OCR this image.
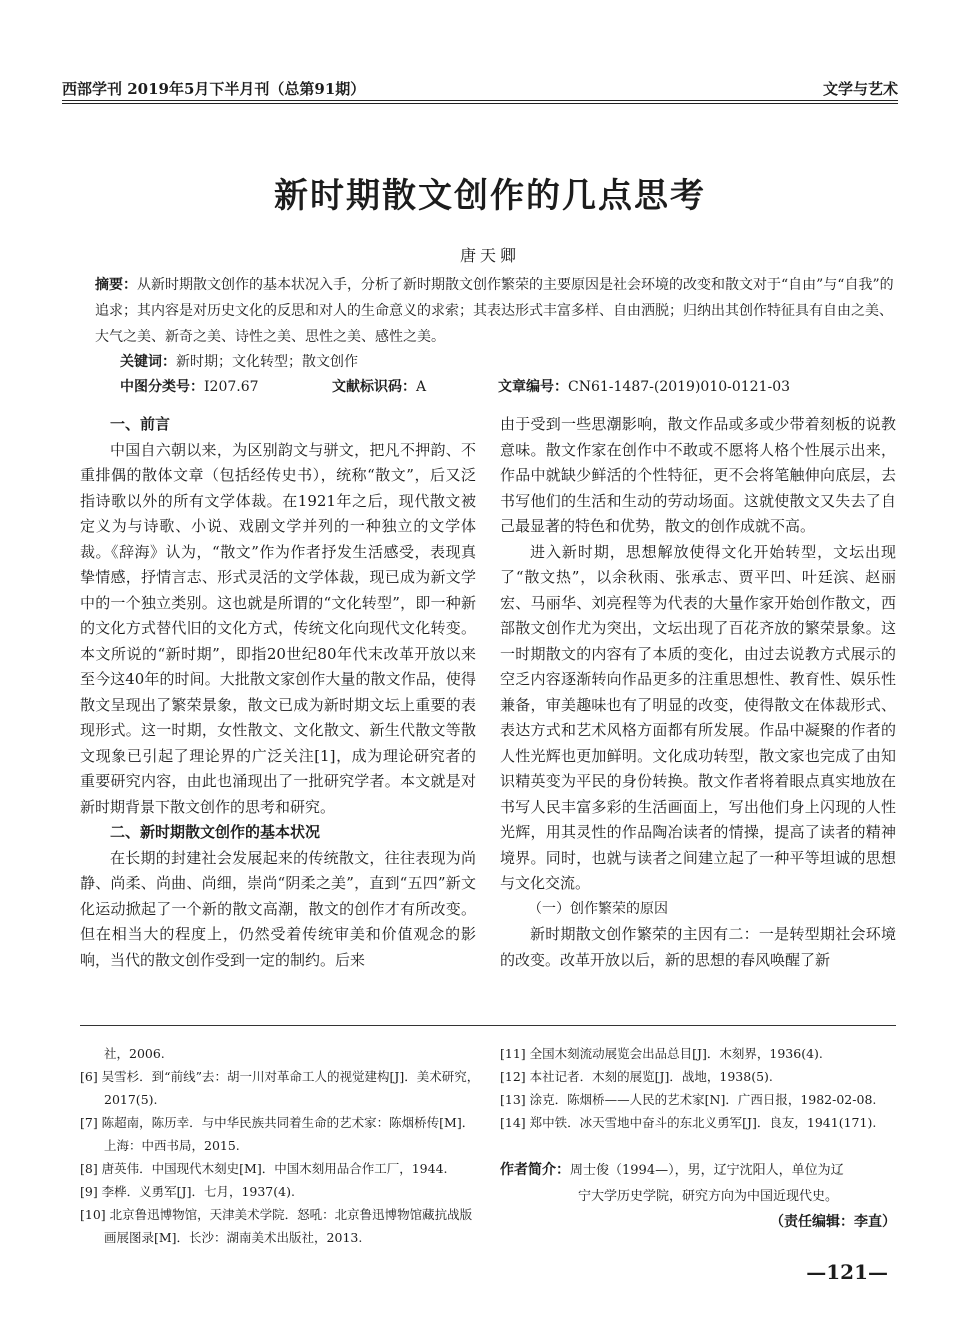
西部学刊 2019年5月下半月刊（总第91期）	文学与艺术
新时期散文创作的几点思考
唐天卿
摘要：从新时期散文创作的基本状况入手，分析了新时期散文创作繁荣的主要原因是社会环境的改变和散文对于“自由”与“自我”的追求；其内容是对历史文化的反思和对人的生命意义的求索；其表达形式丰富多样、自由洒脱；归纳出其创作特征具有自由之美、大气之美、新奇之美、诗性之美、思性之美、感性之美。
关键词：新时期；文化转型；散文创作
中图分类号：I207.67	文献标识码：A	文章编号：CN61-1487-(2019)010-0121-03
一、前言

中国自六朝以来，为区别韵文与骈文，把凡不押韵、不重排偶的散体文章（包括经传史书），统称“散文”，后又泛指诗歌以外的所有文学体裁。在1921年之后，现代散文被定义为与诗歌、小说、戏剧文学并列的一种独立的文学体裁。《辞海》认为，“散文”作为作者抒发生活感受，表现真挚情感，抒情言志、形式灵活的文学体裁，现已成为新文学中的一个独立类别。这也就是所谓的“文化转型”，即一种新的文化方式替代旧的文化方式，传统文化向现代文化转变。本文所说的“新时期”，即指20世纪80年代末改革开放以来至今这40年的时间。大批散文家创作大量的散文作品，使得散文呈现出了繁荣景象，散文已成为新时期文坛上重要的表现形式。这一时期，女性散文、文化散文、新生代散文等散文现象已引起了理论界的广泛关注[1]，成为理论研究者的重要研究内容，由此也涌现出了一批研究学者。本文就是对新时期背景下散文创作的思考和研究。

二、新时期散文创作的基本状况

在长期的封建社会发展起来的传统散文，往往表现为尚静、尚柔、尚曲、尚细，崇尚“阴柔之美”，直到“五四”新文化运动掀起了一个新的散文高潮，散文的创作才有所改变。但在相当大的程度上，仍然受着传统审美和价值观念的影响，当代的散文创作受到一定的制约。后来

由于受到一些思潮影响，散文作品或多或少带着刻板的说教意味。散文作家在创作中不敢或不愿将人格个性展示出来，作品中就缺少鲜活的个性特征，更不会将笔触伸向底层，去书写他们的生活和生动的劳动场面。这就使散文又失去了自己最显著的特色和优势，散文的创作成就不高。

进入新时期，思想解放使得文化开始转型，文坛出现了“散文热”，以余秋雨、张承志、贾平凹、叶廷滨、赵丽宏、马丽华、刘亮程等为代表的大量作家开始创作散文，西部散文创作尤为突出，文坛出现了百花齐放的繁荣景象。这一时期散文的内容有了本质的变化，由过去说教方式展示的空乏内容逐渐转向作品更多的注重思想性、教育性、娱乐性兼备，审美趣味也有了明显的改变，使得散文在体裁形式、表达方式和艺术风格方面都有所发展。作品中凝聚的作者的人性光辉也更加鲜明。文化成功转型，散文家也完成了由知识精英变为平民的身份转换。散文作者将着眼点真实地放在书写人民丰富多彩的生活画面上，写出他们身上闪现的人性光辉，用其灵性的作品陶冶读者的情操，提高了读者的精神境界。同时，也就与读者之间建立起了一种平等坦诚的思想与文化交流。

（一）创作繁荣的原因

新时期散文创作繁荣的主因有二：一是转型期社会环境的改变。改革开放以后，新的思想的春风唤醒了新

社，2006.
[6] 吴雪杉．到“前线”去：胡一川对革命工人的视觉建构[J]．美术研究，2017(5).
[7] 陈超南，陈历幸．与中华民族共同着生命的艺术家：陈烟桥传[M]．上海：中西书局，2015.
[8] 唐英伟．中国现代木刻史[M]．中国木刻用品合作工厂，1944.
[9] 李桦．义勇军[J]．七月，1937(4).
[10] 北京鲁迅博物馆，天津美术学院．怒吼：北京鲁迅博物馆藏抗战版画展图录[M]．长沙：湖南美术出版社，2013.
[11] 全国木刻流动展览会出品总目[J]．木刻界，1936(4).
[12] 本社记者．木刻的展览[J]．战地，1938(5).
[13] 涂克．陈烟桥——人民的艺术家[N]．广西日报，1982-02-08.
[14] 郑中铁．冰天雪地中奋斗的东北义勇军[J]．良友，1941(171).
作者简介：周士俊（1994—），男，辽宁沈阳人，单位为辽
宁大学历史学院，研究方向为中国近现代史。
（责任编辑：李直）
—121—
